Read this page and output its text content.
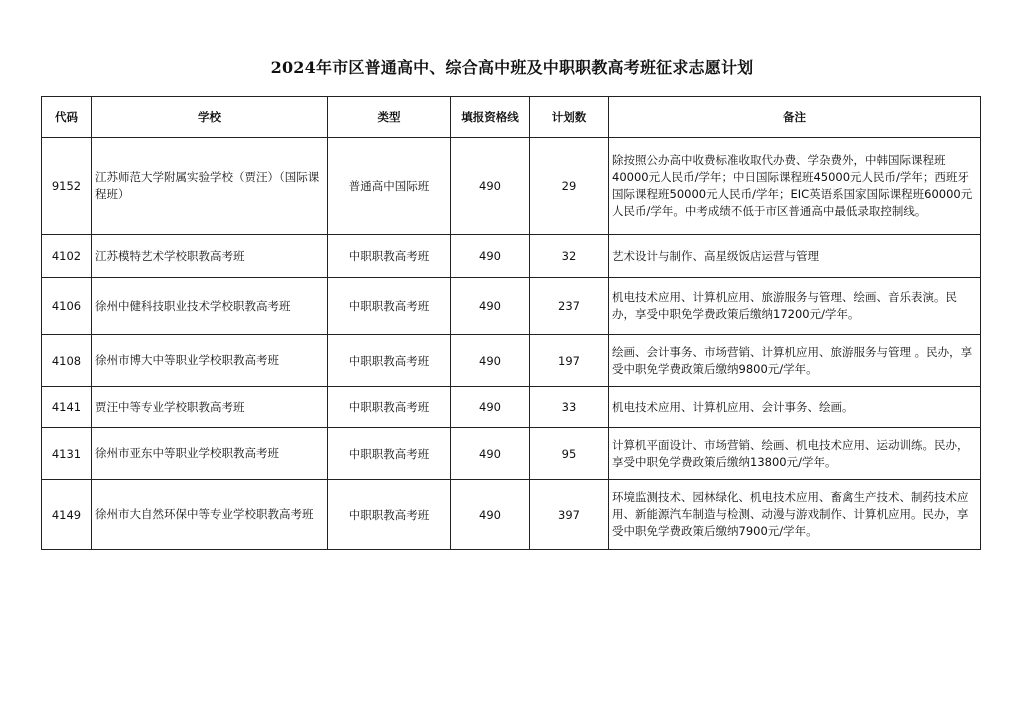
2024年市区普通高中、综合高中班及中职职教高考班征求志愿计划
代码	学校	类型	填报资格线	计划数	备注
9152	江苏师范大学附属实验学校（贾汪）（国际课程班）	普通高中国际班	490	29	除按照公办高中收费标准收取代办费、学杂费外，中韩国际课程班40000元人民币/学年；中日国际课程班45000元人民币/学年；西班牙国际课程班50000元人民币/学年；EIC英语系国家国际课程班60000元人民币/学年。中考成绩不低于市区普通高中最低录取控制线。
4102	江苏模特艺术学校职教高考班	中职职教高考班	490	32	艺术设计与制作、高星级饭店运营与管理
4106	徐州中健科技职业技术学校职教高考班	中职职教高考班	490	237	机电技术应用、计算机应用、旅游服务与管理、绘画、音乐表演。民办，享受中职免学费政策后缴纳17200元/学年。
4108	徐州市博大中等职业学校职教高考班	中职职教高考班	490	197	绘画、会计事务、市场营销、计算机应用、旅游服务与管理 。民办，享受中职免学费政策后缴纳9800元/学年。
4141	贾汪中等专业学校职教高考班	中职职教高考班	490	33	机电技术应用、计算机应用、会计事务、绘画。
4131	徐州市亚东中等职业学校职教高考班	中职职教高考班	490	95	计算机平面设计、市场营销、绘画、机电技术应用、运动训练。民办，享受中职免学费政策后缴纳13800元/学年。
4149	徐州市大自然环保中等专业学校职教高考班	中职职教高考班	490	397	环境监测技术、园林绿化、机电技术应用、畜禽生产技术、制药技术应用、新能源汽车制造与检测、动漫与游戏制作、计算机应用。民办，享受中职免学费政策后缴纳7900元/学年。
